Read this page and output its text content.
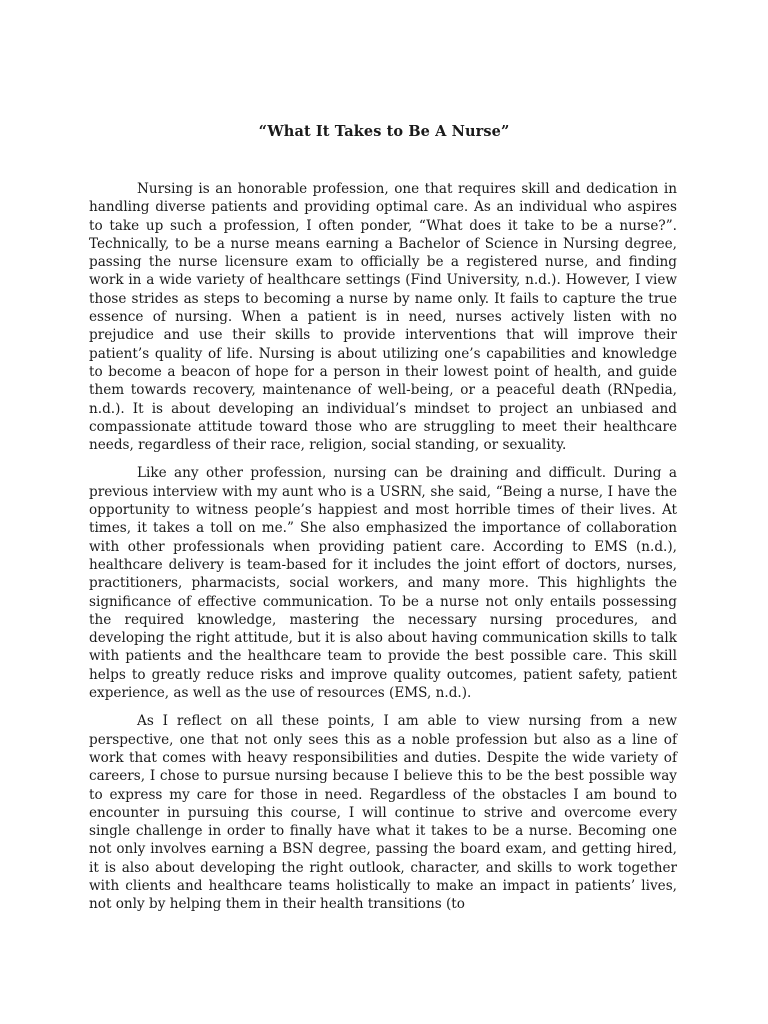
“What It Takes to Be A Nurse”

Nursing is an honorable profession, one that requires skill and dedication in handling diverse patients and providing optimal care. As an individual who aspires to take up such a profession, I often ponder, “What does it take to be a nurse?”. Technically, to be a nurse means earning a Bachelor of Science in Nursing degree, passing the nurse licensure exam to officially be a registered nurse, and finding work in a wide variety of healthcare settings (Find University, n.d.). However, I view those strides as steps to becoming a nurse by name only. It fails to capture the true essence of nursing. When a patient is in need, nurses actively listen with no prejudice and use their skills to provide interventions that will improve their patient’s quality of life. Nursing is about utilizing one’s capabilities and knowledge to become a beacon of hope for a person in their lowest point of health, and guide them towards recovery, maintenance of well-being, or a peaceful death (RNpedia, n.d.). It is about developing an individual’s mindset to project an unbiased and compassionate attitude toward those who are struggling to meet their healthcare needs, regardless of their race, religion, social standing, or sexuality.

Like any other profession, nursing can be draining and difficult. During a previous interview with my aunt who is a USRN, she said, “Being a nurse, I have the opportunity to witness people’s happiest and most horrible times of their lives. At times, it takes a toll on me.” She also emphasized the importance of collaboration with other professionals when providing patient care. According to EMS (n.d.), healthcare delivery is team-based for it includes the joint effort of doctors, nurses, practitioners, pharmacists, social workers, and many more. This highlights the significance of effective communication. To be a nurse not only entails possessing the required knowledge, mastering the necessary nursing procedures, and developing the right attitude, but it is also about having communication skills to talk with patients and the healthcare team to provide the best possible care. This skill helps to greatly reduce risks and improve quality outcomes, patient safety, patient experience, as well as the use of resources (EMS, n.d.).

As I reflect on all these points, I am able to view nursing from a new perspective, one that not only sees this as a noble profession but also as a line of work that comes with heavy responsibilities and duties. Despite the wide variety of careers, I chose to pursue nursing because I believe this to be the best possible way to express my care for those in need. Regardless of the obstacles I am bound to encounter in pursuing this course, I will continue to strive and overcome every single challenge in order to finally have what it takes to be a nurse. Becoming one not only involves earning a BSN degree, passing the board exam, and getting hired, it is also about developing the right outlook, character, and skills to work together with clients and healthcare teams holistically to make an impact in patients’ lives, not only by helping them in their health transitions (to
